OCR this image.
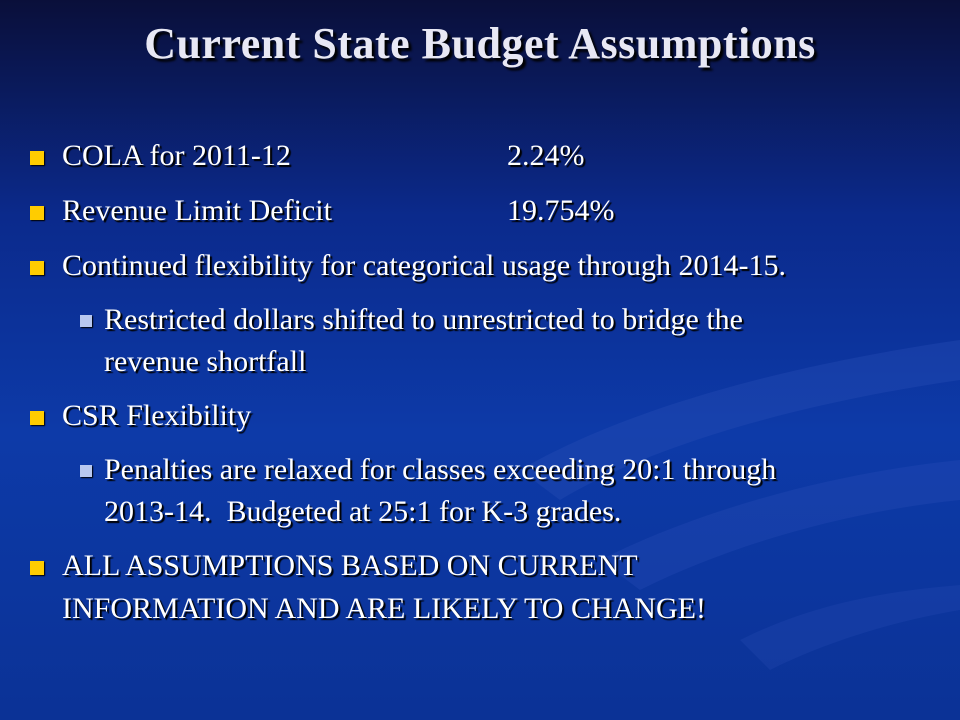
Current State Budget Assumptions
COLA for 2011-12	2.24%
Revenue Limit Deficit	19.754%
Continued flexibility for categorical usage through 2014-15.
Restricted dollars shifted to unrestricted to bridge the
revenue shortfall
CSR Flexibility
Penalties are relaxed for classes exceeding 20:1 through
2013-14.  Budgeted at 25:1 for K-3 grades.
ALL ASSUMPTIONS BASED ON CURRENT
INFORMATION AND ARE LIKELY TO CHANGE!
